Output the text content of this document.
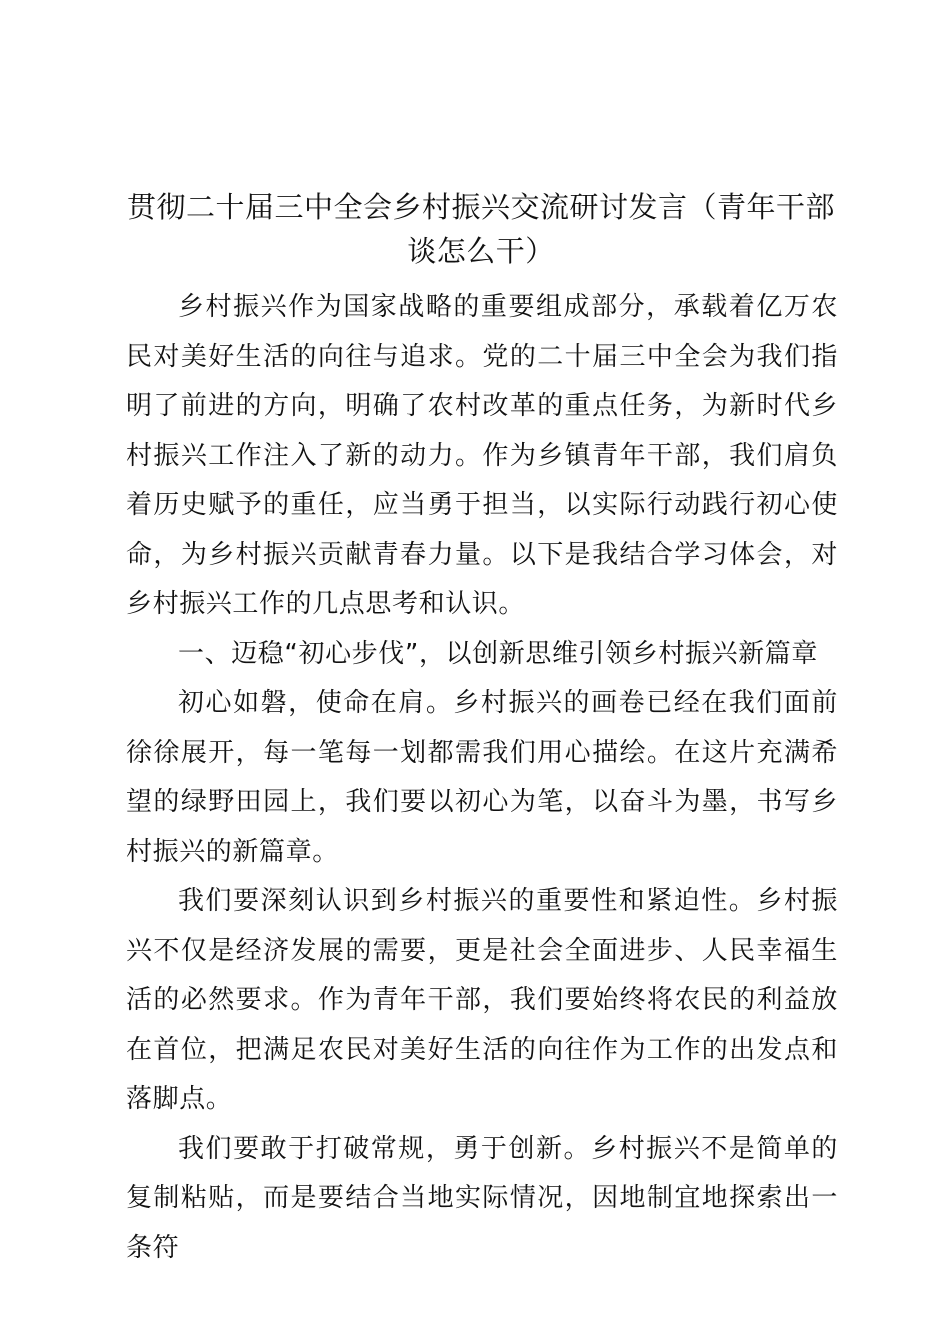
贯彻二十届三中全会乡村振兴交流研讨发言（青年干部谈怎么干）

乡村振兴作为国家战略的重要组成部分，承载着亿万农民对美好生活的向往与追求。党的二十届三中全会为我们指明了前进的方向，明确了农村改革的重点任务，为新时代乡村振兴工作注入了新的动力。作为乡镇青年干部，我们肩负着历史赋予的重任，应当勇于担当，以实际行动践行初心使命，为乡村振兴贡献青春力量。以下是我结合学习体会，对乡村振兴工作的几点思考和认识。

一、迈稳“初心步伐”，以创新思维引领乡村振兴新篇章

初心如磐，使命在肩。乡村振兴的画卷已经在我们面前徐徐展开，每一笔每一划都需我们用心描绘。在这片充满希望的绿野田园上，我们要以初心为笔，以奋斗为墨，书写乡村振兴的新篇章。

我们要深刻认识到乡村振兴的重要性和紧迫性。乡村振兴不仅是经济发展的需要，更是社会全面进步、人民幸福生活的必然要求。作为青年干部，我们要始终将农民的利益放在首位，把满足农民对美好生活的向往作为工作的出发点和落脚点。

我们要敢于打破常规，勇于创新。乡村振兴不是简单的复制粘贴，而是要结合当地实际情况，因地制宜地探索出一条符
